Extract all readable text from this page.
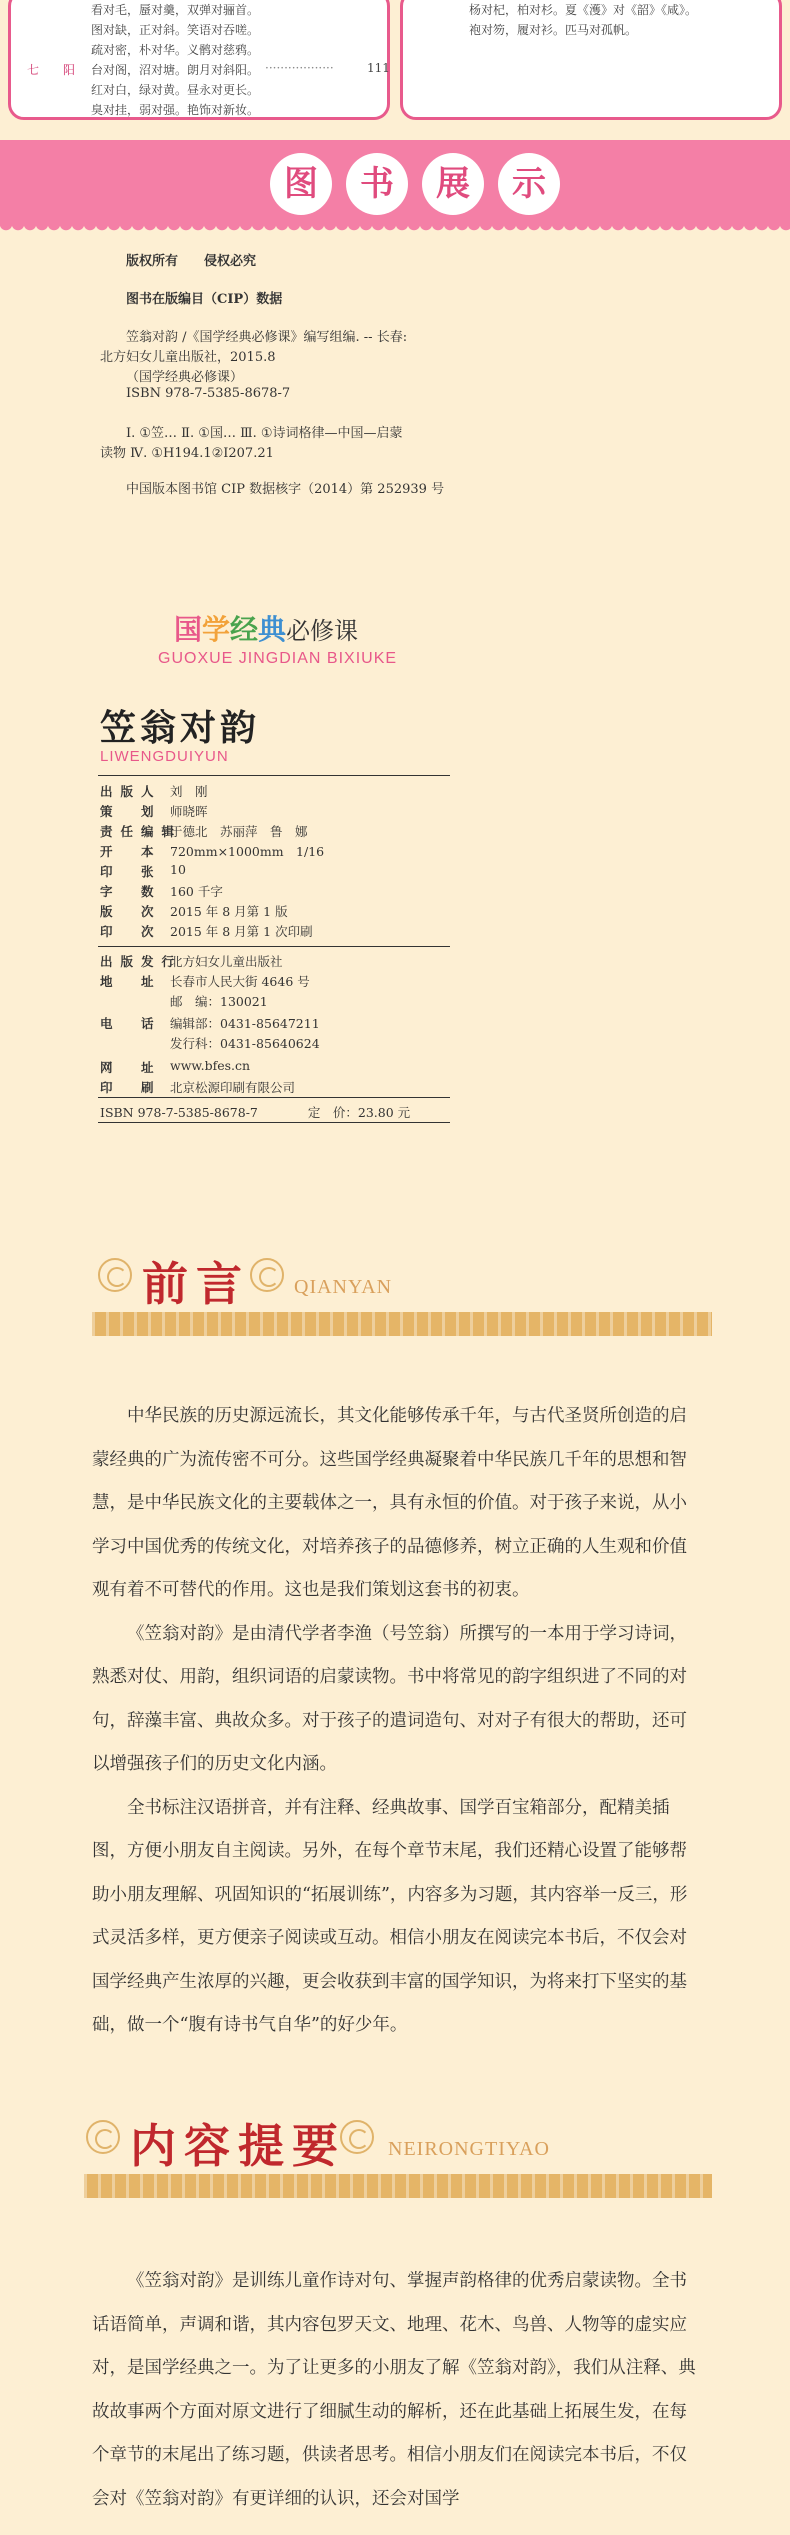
看对毛，蜃对羹，双弹对骊首。
图对缺，正对斜。笑语对吞嗟。
疏对密，朴对华。义鹘对慈鸦。
七 阳 台对阁，沼对塘。朗月对斜阳。 ··················	111
红对白，绿对黄。昼永对更长。
臭对挂，弱对强。艳饰对新妆。
杨对杞，柏对杉。夏《濩》对《韶》《咸》。
袍对笏，履对衫。匹马对孤帆。
图	书	展	示
版权所有　　侵权必究
图书在版编目（CIP）数据
笠翁对韵 /《国学经典必修课》编写组编. -- 长春:
北方妇女儿童出版社，2015.8
（国学经典必修课）
ISBN 978-7-5385-8678-7
Ⅰ. ①笠… Ⅱ. ①国… Ⅲ. ①诗词格律—中国—启蒙
读物 Ⅳ. ①H194.1②I207.21
中国版本图书馆 CIP 数据核字（2014）第 252939 号
国学经典必修课
GUOXUE JINGDIAN BIXIUKE
笠翁对韵
LIWENGDUIYUN
出版人 刘　刚
策　划 师晓晖
责任编辑
于德北　苏丽萍　鲁　娜
开　本 720mm×1000mm　1/16
印　张 10
字　数 160 千字
版　次 2015 年 8 月第 1 版
印　次 2015 年 8 月第 1 次印刷
出版发行
北方妇女儿童出版社
地　址 长春市人民大街 4646 号
邮　编：130021
电　话 编辑部：0431-85647211
发行科：0431-85640624
网　址 www.bfes.cn
印　刷 北京松源印刷有限公司
ISBN 978-7-5385-8678-7　　　　定　价：23.80 元
前言 QIANYAN

中华民族的历史源远流长，其文化能够传承千年，与古代圣贤所创造的启蒙经典的广为流传密不可分。这些国学经典凝聚着中华民族几千年的思想和智慧，是中华民族文化的主要载体之一，具有永恒的价值。对于孩子来说，从小学习中国优秀的传统文化，对培养孩子的品德修养，树立正确的人生观和价值观有着不可替代的作用。这也是我们策划这套书的初衷。

《笠翁对韵》是由清代学者李渔（号笠翁）所撰写的一本用于学习诗词，熟悉对仗、用韵，组织词语的启蒙读物。书中将常见的韵字组织进了不同的对句，辞藻丰富、典故众多。对于孩子的遣词造句、对对子有很大的帮助，还可以增强孩子们的历史文化内涵。

全书标注汉语拼音，并有注释、经典故事、国学百宝箱部分，配精美插图，方便小朋友自主阅读。另外，在每个章节末尾，我们还精心设置了能够帮助小朋友理解、巩固知识的“拓展训练”，内容多为习题，其内容举一反三，形式灵活多样，更方便亲子阅读或互动。相信小朋友在阅读完本书后，不仅会对国学经典产生浓厚的兴趣，更会收获到丰富的国学知识，为将来打下坚实的基础，做一个“腹有诗书气自华”的好少年。

内容提要 NEIRONGTIYAO

《笠翁对韵》是训练儿童作诗对句、掌握声韵格律的优秀启蒙读物。全书话语简单，声调和谐，其内容包罗天文、地理、花木、鸟兽、人物等的虚实应对，是国学经典之一。为了让更多的小朋友了解《笠翁对韵》，我们从注释、典故故事两个方面对原文进行了细腻生动的解析，还在此基础上拓展生发，在每个章节的末尾出了练习题，供读者思考。相信小朋友们在阅读完本书后，不仅会对《笠翁对韵》有更详细的认识，还会对国学
